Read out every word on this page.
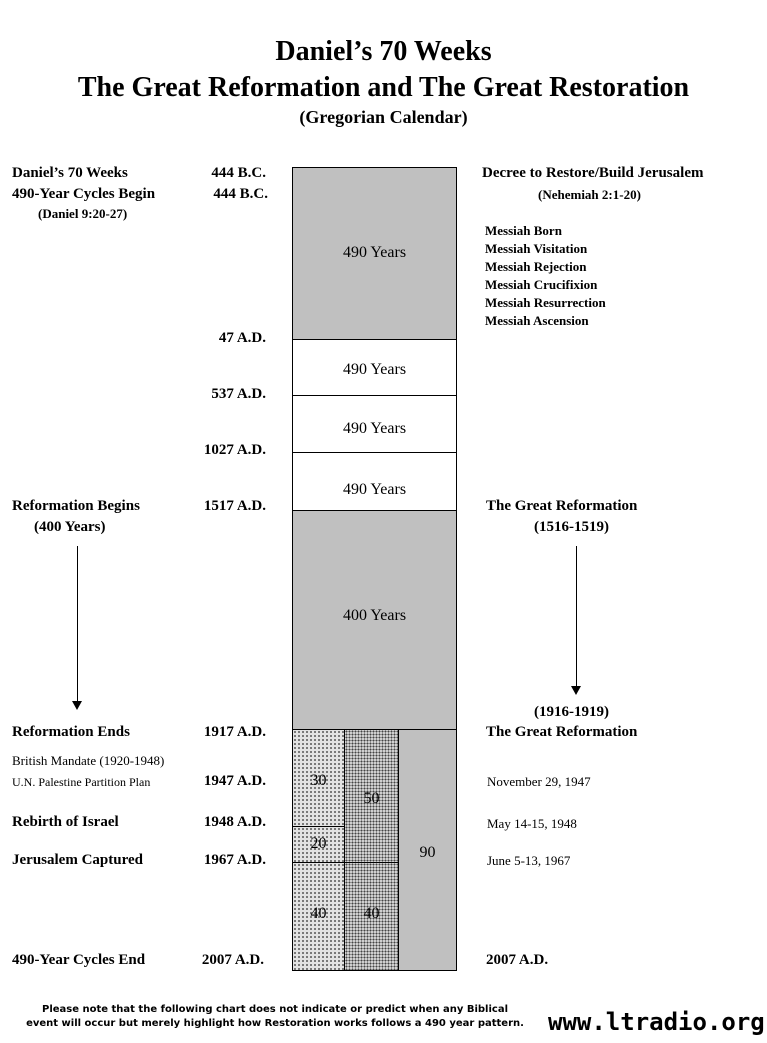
Daniel’s 70 Weeks
The Great Reformation and The Great Restoration
(Gregorian Calendar)
Daniel’s 70 Weeks	444 B.C.
490-Year Cycles Begin	444 B.C.
(Daniel 9:20-27)
47 A.D.
537 A.D.
1027 A.D.
Reformation Begins	1517 A.D.
(400 Years)
Reformation Ends	1917 A.D.
British Mandate (1920-1948)
U.N. Palestine Partition Plan	1947 A.D.
Rebirth of Israel	1948 A.D.
Jerusalem Captured	1967 A.D.
490-Year Cycles End	2007 A.D.
490 Years
490 Years
490 Years
490 Years
400 Years
30
20
40
50
40
90
Decree to Restore/Build Jerusalem
(Nehemiah 2:1-20)
Messiah Born
Messiah Visitation
Messiah Rejection
Messiah Crucifixion
Messiah Resurrection
Messiah Ascension
The Great Reformation
(1516-1519)
(1916-1919)
The Great Reformation
November 29, 1947
May 14-15, 1948
June 5-13, 1967
2007 A.D.
Please note that the following chart does not indicate or predict when any Biblical
event will occur but merely highlight how Restoration works follows a 490 year pattern.	www.ltradio.org
